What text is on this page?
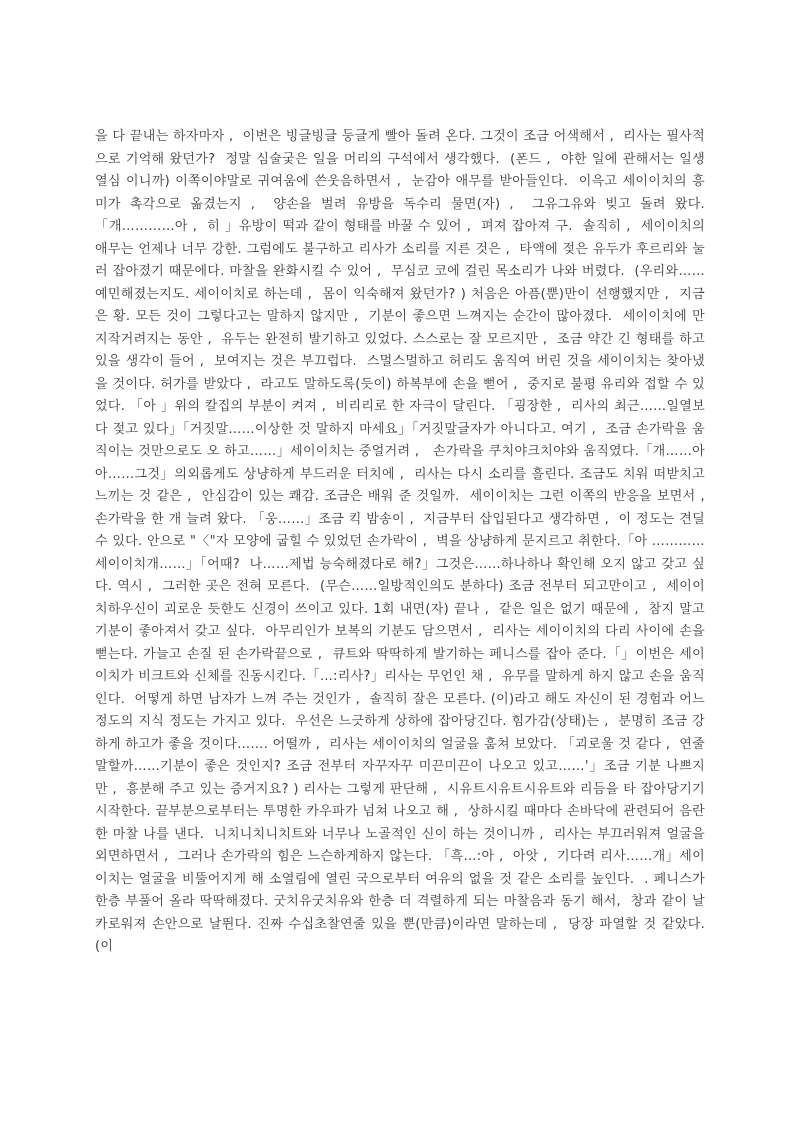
을 다 끝내는 하자마자 ,  이번은 빙글빙글 둥글게 빨아 돌려 온다. 그것이 조금 어색해서 ,  리사는 필사적으로 기억해 왔던가?  정말 심술궂은 일을 머리의 구석에서 생각했다.  (폰드 ,  야한 일에 관해서는 일생 열심 이니까) 이쪽이야말로 귀여움에 쓴웃음하면서 ,  눈감아 애무를 받아들인다.  이윽고 세이이치의 흥미가 촉각으로 옮겼는지 ,  양손을 벌려 유방을 독수리 물면(자) ,  그유그유와 빚고 돌려 왔다.「개…………아 ,  히 」유방이 떡과 같이 형태를 바꿀 수 있어 ,  펴져 잡아져 구.  솔직히 ,  세이이치의 애무는 언제나 너무 강한. 그럼에도 불구하고 리사가 소리를 지른 것은 ,  타액에 젖은 유두가 후르리와 눌러 잡아졌기 때문에다. 마찰을 완화시킬 수 있어 ,  무심코 코에 걸린 목소리가 나와 버렸다.  (우리와……예민해졌는지도. 세이이치로 하는데 ,  몸이 익숙해져 왔던가? ) 처음은 아픔(뿐)만이 선행했지만 ,  지금은 황. 모든 것이 그렇다고는 말하지 않지만 ,  기분이 좋으면 느껴지는 순간이 많아졌다.  세이이치에 만지작거려지는 동안 ,  유두는 완전히 발기하고 있었다. 스스로는 잘 모르지만 ,  조금 약간 긴 형태를 하고 있을 생각이 들어 ,  보여지는 것은 부끄럽다.  스멀스멀하고 허리도 움직여 버린 것을 세이이치는 찾아냈을 것이다. 허가를 받았다 ,  라고도 말하도록(듯이) 하복부에 손을 뻗어 ,  중지로 불평 유리와 접할 수 있었다. 「아 」위의 칼집의 부분이 켜져 ,  비리리로 한 자극이 달린다. 「굉장한 ,  리사의 최근……일열보다 젖고 있다」「거짓말……이상한 것 말하지 마세요」「거짓말글자가 아니다고. 여기 ,  조금 손가락을 움직이는 것만으로도 오 하고……」세이이치는 중얼거려 ,   손가락을 쿠치야크치야와 움직였다.「개……아아……그것」의외롭게도 상냥하게 부드러운 터치에 ,  리사는 다시 소리를 흘린다. 조금도 치워 떠받치고 느끼는 것 같은 ,  안심감이 있는 쾌감. 조금은 배워 준 것일까.  세이이치는 그런 이쪽의 반응을 보면서 ,  손가락을 한 개 늘려 왔다. 「웅……」조금 킥 밤송이 ,  지금부터 삽입된다고 생각하면 ,  이 정도는 견딜 수 있다. 안으로 "〈"자 모양에 굽힐 수 있었던 손가락이 ,  벽을 상냥하게 문지르고 취한다.「아 …………세이이치개……」「어때?  나……제법 능숙해졌다로 해?」그것은……하나하나 확인해 오지 않고 갖고 싶다. 역시 ,  그러한 곳은 전혀 모른다.  (무슨……일방적인의도 분하다) 조금 전부터 되고만이고 ,  세이이치하우신이 괴로운 듯한도 신경이 쓰이고 있다. 1회 내면(자) 끝나 ,  같은 일은 없기 때문에 ,  참지 말고 기분이 좋아져서 갖고 싶다.  아무리인가 보복의 기분도 담으면서 ,  리사는 세이이치의 다리 사이에 손을 뻗는다. 가늘고 손질 된 손가락끝으로 ,  큐트와 딱딱하게 발기하는 페니스를 잡아 준다.「」이번은 세이이치가 비크트와 신체를 진동시킨다.「…:리사?」리사는 무언인 채 ,  유무를 말하게 하지 않고 손을 움직인다.  어떻게 하면 남자가 느껴 주는 것인가 ,  솔직히 잘은 모른다. (이)라고 해도 자신이 된 경험과 어느 정도의 지식 정도는 가지고 있다.  우선은 느긋하게 상하에 잡아당긴다. 힘가감(상태)는 ,  분명히 조금 강하게 하고가 좋을 것이다……. 어떨까 ,  리사는 세이이치의 얼굴을 훔쳐 보았다. 「괴로울 것 같다 ,  연줄 말할까……기분이 좋은 것인지? 조금 전부터 자꾸자꾸 미끈미끈이 나오고 있고……'」조금 기분 나쁘지만 ,  흥분해 주고 있는 증거지요? ) 리사는 그렇게 판단해 ,  시유트시유트시유트와 리듬을 타 잡아당기기 시작한다. 끝부분으로부터는 투명한 카우파가 넘쳐 나오고 해 ,  상하시킬 때마다 손바닥에 관련되어 음란한 마찰 나를 낸다.  니치니치니치트와 너무나 노골적인 신이 하는 것이니까 ,  리사는 부끄러워져 얼굴을 외면하면서 ,  그러나 손가락의 힘은 느슨하게하지 않는다. 「흑…:아 ,  아앗 ,  기다려 리사……개」세이이치는 얼굴을 비뚤어지게 해 소열림에 열린 국으로부터 여유의 없을 것 같은 소리를 높인다.  . 페니스가 한층 부풀어 올라 딱딱해졌다. 굿치유굿치유와 한층 더 격렬하게 되는 마찰음과 동기 해서,  창과 같이 날카로워져 손안으로 날뛴다. 진짜 수십초찰연줄 있을 뿐(만큼)이라면 말하는데 ,  당장 파열할 것 같았다. (이
